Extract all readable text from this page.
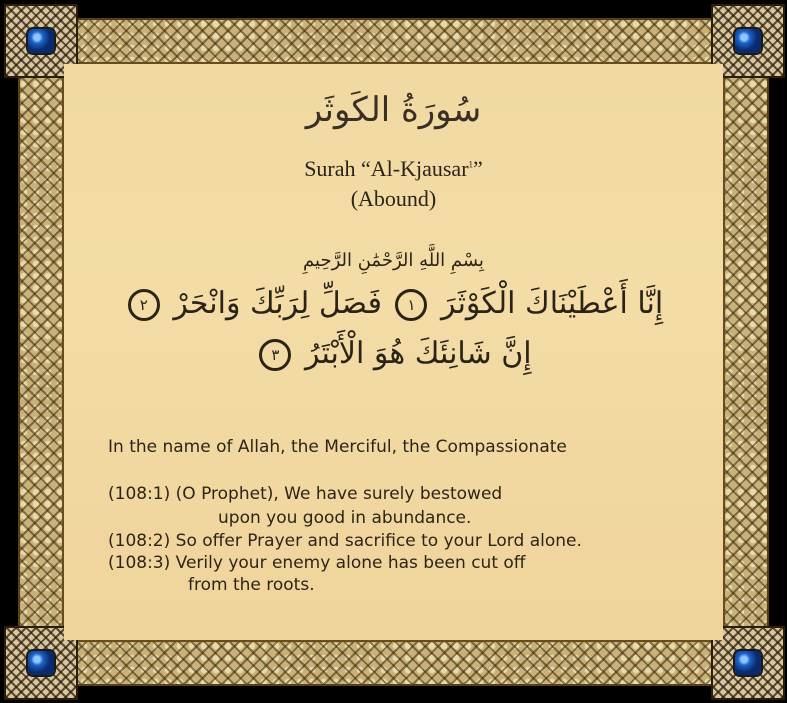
سُورَةُ الكَوثَر
Surah “Al-Kjausar$^1$”
(Abound)
بِسْمِ اللَّهِ الرَّحْمَٰنِ الرَّحِيمِ
إِنَّا أَعْطَيْنَاكَ الْكَوْثَرَ ١ فَصَلِّ لِرَبِّكَ وَانْحَرْ ٢
إِنَّ شَانِئَكَ هُوَ الْأَبْتَرُ ٣
In the name of Allah, the Merciful, the Compassionate
(108:1) (O Prophet), We have surely bestowed
upon you good in abundance.
(108:2) So offer Prayer and sacrifice to your Lord alone.
(108:3) Verily your enemy alone has been cut off
from the roots.
